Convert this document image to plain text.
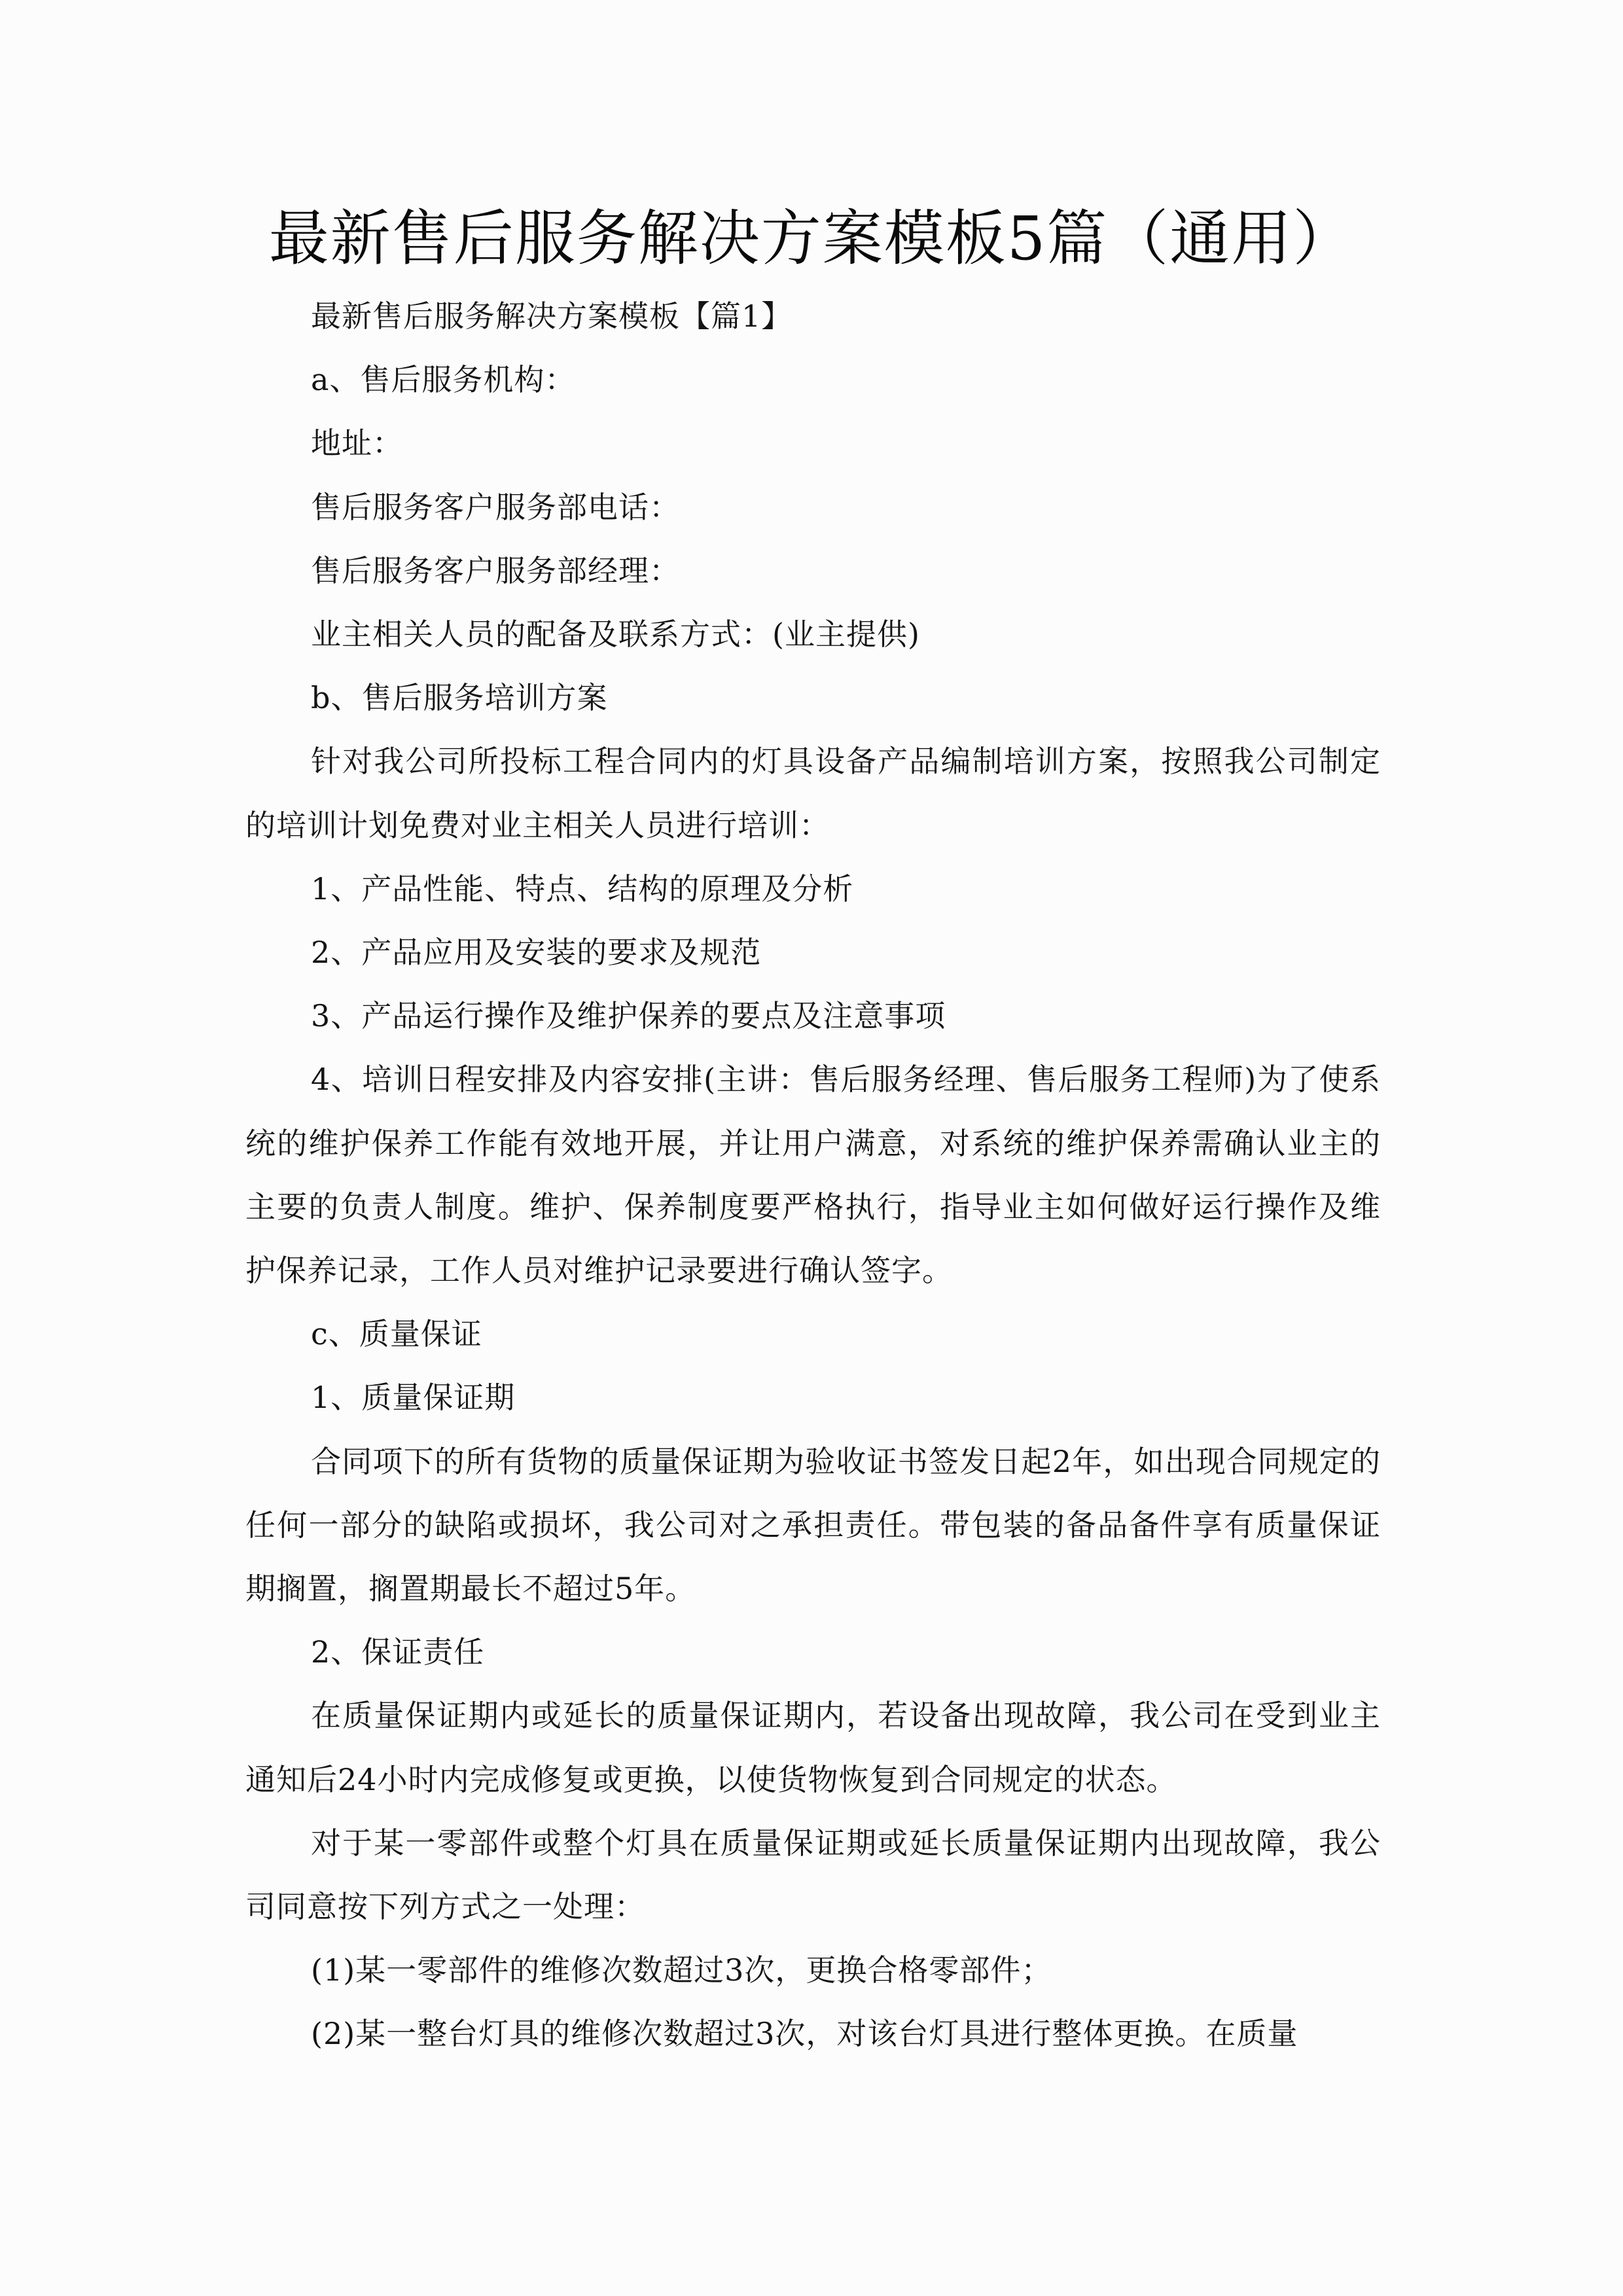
最新售后服务解决方案模板5篇（通用）

最新售后服务解决方案模板【篇1】

a、售后服务机构：

地址：

售后服务客户服务部电话：

售后服务客户服务部经理：

业主相关人员的配备及联系方式：(业主提供)

b、售后服务培训方案

针对我公司所投标工程合同内的灯具设备产品编制培训方案，按照我公司制定的培训计划免费对业主相关人员进行培训：

1、产品性能、特点、结构的原理及分析

2、产品应用及安装的要求及规范

3、产品运行操作及维护保养的要点及注意事项

4、培训日程安排及内容安排(主讲：售后服务经理、售后服务工程师)为了使系统的维护保养工作能有效地开展，并让用户满意，对系统的维护保养需确认业主的主要的负责人制度。维护、保养制度要严格执行，指导业主如何做好运行操作及维护保养记录，工作人员对维护记录要进行确认签字。

c、质量保证

1、质量保证期

合同项下的所有货物的质量保证期为验收证书签发日起2年，如出现合同规定的任何一部分的缺陷或损坏，我公司对之承担责任。带包装的备品备件享有质量保证期搁置，搁置期最长不超过5年。

2、保证责任

在质量保证期内或延长的质量保证期内，若设备出现故障，我公司在受到业主通知后24小时内完成修复或更换，以使货物恢复到合同规定的状态。

对于某一零部件或整个灯具在质量保证期或延长质量保证期内出现故障，我公司同意按下列方式之一处理：

(1)某一零部件的维修次数超过3次，更换合格零部件；

(2)某一整台灯具的维修次数超过3次，对该台灯具进行整体更换。在质量
